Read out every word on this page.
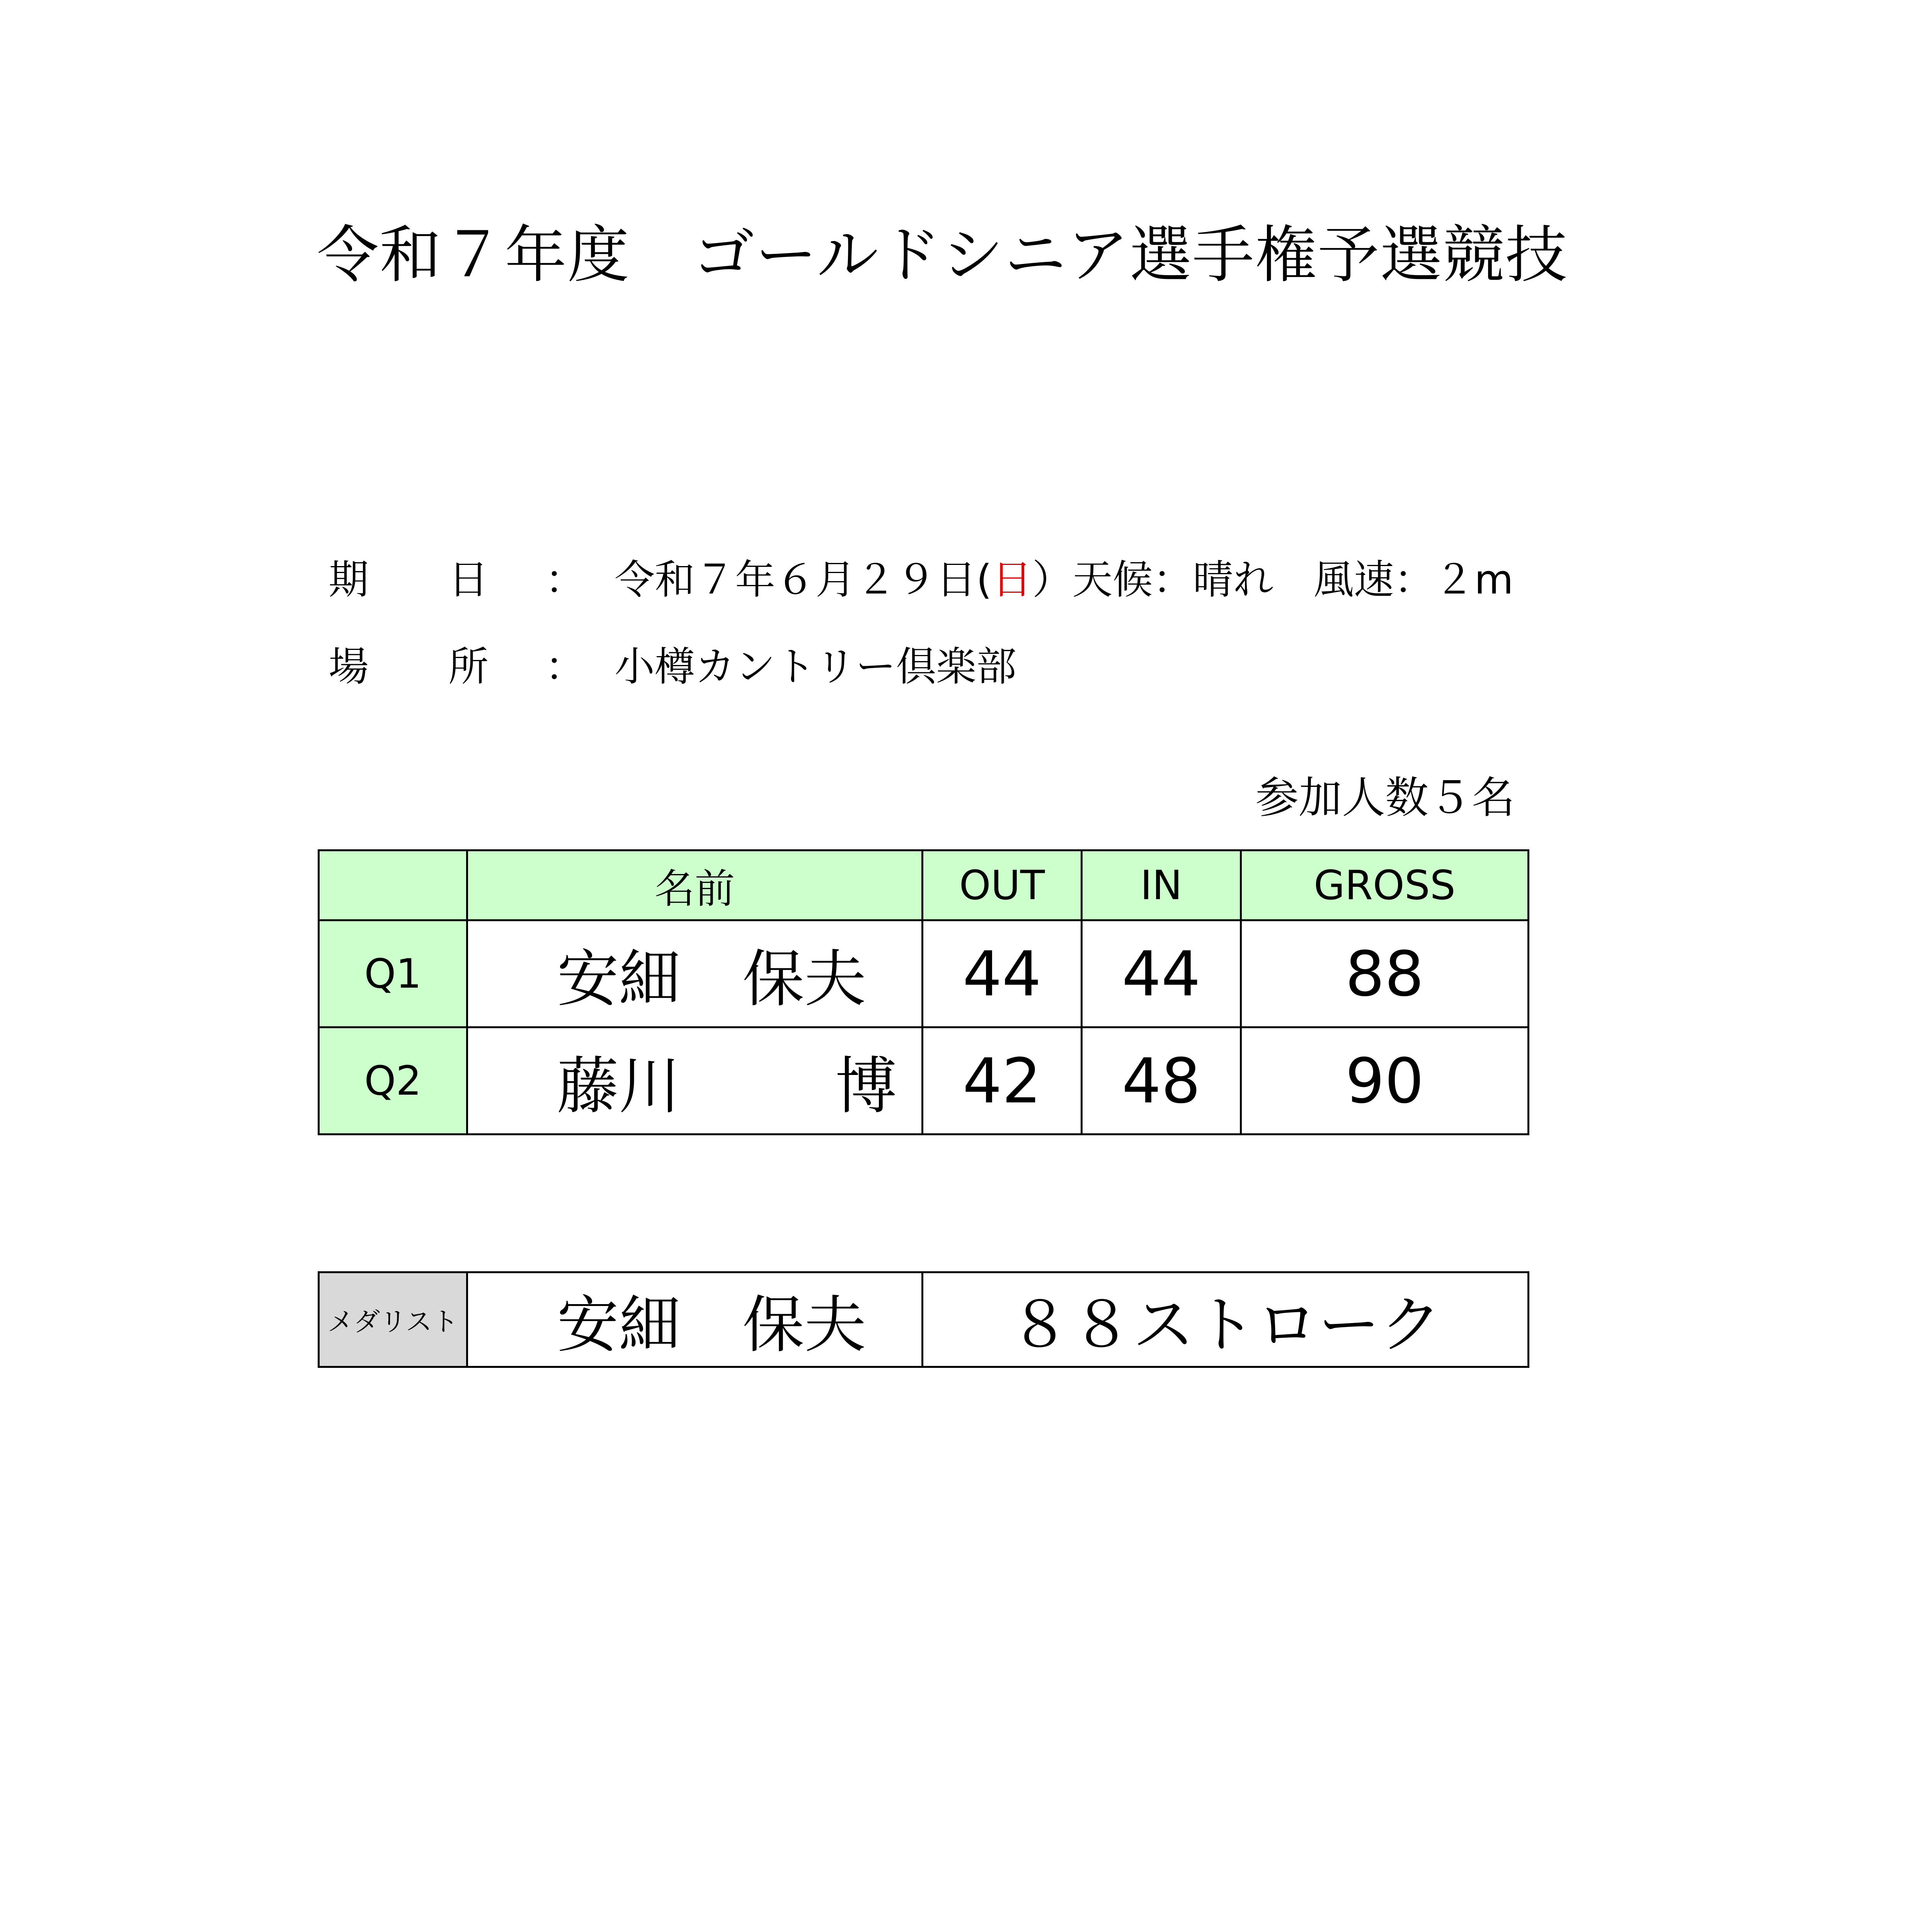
令和７年度　ゴールドシニア選手権予選競技
期 日 ： 令和７年６月２９日(日）天候：晴れ　風速：２m
場 所 ： 小樽カントリー倶楽部
参加人数５名
	名前	OUT	IN	GROSS
Q1	安細 保夫	44	44	88
Q2	藤川 博	42	48	90
メダリスト	安細 保夫	８８ストローク
